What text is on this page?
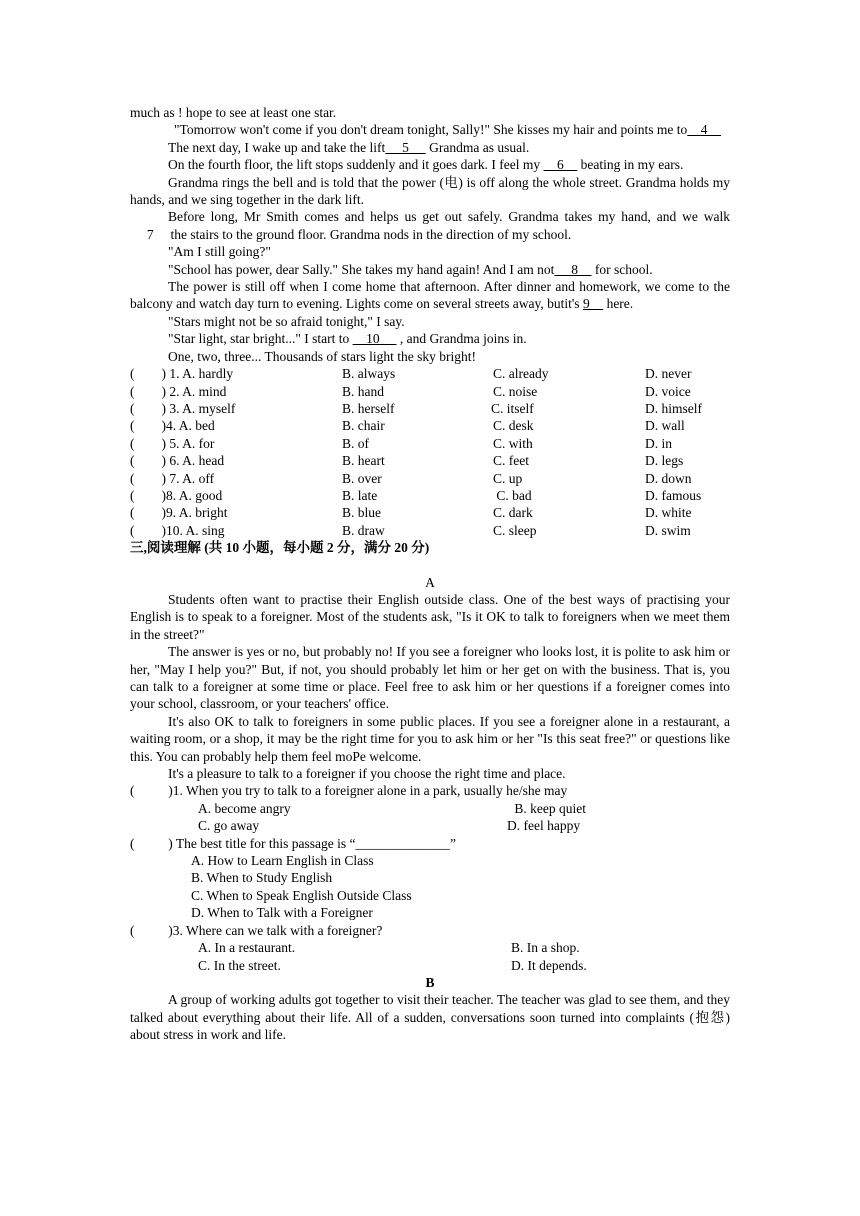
much as ! hope to see at least one star.

"Tomorrow won't come if you don't dream tonight, Sally!" She kisses my hair and points me to    4

The next day, I wake up and take the lift     5      Grandma as usual.

On the fourth floor, the lift stops suddenly and it goes dark. I feel my     6     beating in my ears.

Grandma rings the bell and is told that the power (电) is off along the whole street. Grandma holds my hands, and we sing together in the dark lift.

Before long, Mr Smith comes and helps us get out safely. Grandma takes my hand, and we walk     7     the stairs to the ground floor. Grandma nods in the direction of my school.

"Am I still going?"

"School has power, dear Sally." She takes my hand again! And I am not     8     for school.

The power is still off when I come home that afternoon. After dinner and homework, we come to the balcony and watch day turn to evening. Lights come on several streets away, butit's 9     here.

"Stars might not be so afraid tonight," I say.

"Star light, star bright..." I start to     10      , and Grandma joins in.

One, two, three... Thousands of stars light the sky bright!

(        ) 1. A. hardly	B. always	C. already	D. never
(        ) 2. A. mind	B. hand	C. noise	D. voice
(        ) 3. A. myself	B. herself	C. itself	D. himself
(        )4. A. bed	B. chair	C. desk	D. wall
(        ) 5. A. for	B. of	C. with	D. in
(        ) 6. A. head	B. heart	C. feet	D. legs
(        ) 7. A. off	B. over	C. up	D. down
(        )8. A. good	B. late	C. bad	D. famous
(        )9. A. bright	B. blue	C. dark	D. white
(        )10. A. sing	B. draw	C. sleep	D. swim

三,阅读理解 (共 10 小题，每小题 2 分，满分 20 分)

A

Students often want to practise their English outside class. One of the best ways of practising your English is to speak to a foreigner. Most of the students ask, "Is it OK to talk to foreigners when we meet them in the street?"

The answer is yes or no, but probably no! If you see a foreigner who looks lost, it is polite to ask him or her, "May I help you?" But, if not, you should probably let him or her get on with the business. That is, you can talk to a foreigner at some time or place. Feel free to ask him or her questions if a foreigner comes into your school, classroom, or your teachers' office.

It's also OK to talk to foreigners in some public places. If you see a foreigner alone in a restaurant, a waiting room, or a shop, it may be the right time for you to ask him or her "Is this seat free?" or questions like this. You can probably help them feel moPe welcome.

It's a pleasure to talk to a foreigner if you choose the right time and place.

(          )1. When you try to talk to a foreigner alone in a park, usually he/she may

A. become angry	B. keep quiet
C. go away	D. feel happy

(          ) The best title for this passage is “______________”

A. How to Learn English in Class
B. When to Study English
C. When to Speak English Outside Class
D. When to Talk with a Foreigner

(          )3. Where can we talk with a foreigner?

A. In a restaurant.	B. In a shop.
C. In the street.	D. It depends.

B

A group of working adults got together to visit their teacher. The teacher was glad to see them, and they talked about everything about their life. All of a sudden, conversations soon turned into complaints (抱怨) about stress in work and life.
